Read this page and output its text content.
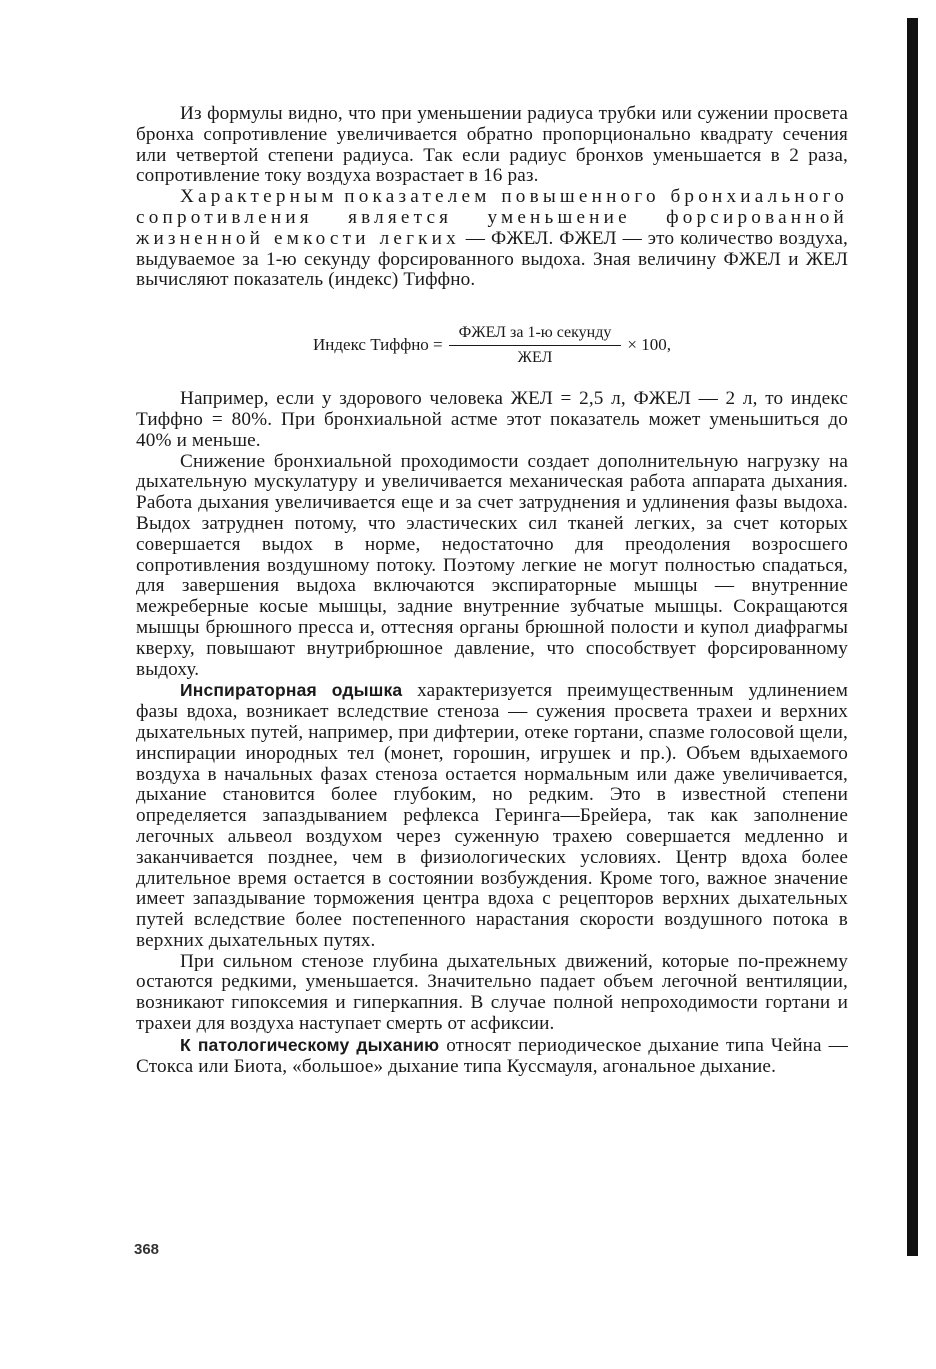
Из формулы видно, что при уменьшении радиуса трубки или сужении просвета бронха сопротивление увеличивается обратно пропорционально квадрату сечения или четвертой степени радиуса. Так если радиус бронхов уменьшается в 2 раза, сопротивление току воздуха возрастает в 16 раз.

Характерным показателем повышенного бронхиального сопротивления является уменьшение форсированной жизненной емкости легких — ФЖЕЛ. ФЖЕЛ — это количество воздуха, выдуваемое за 1-ю секунду форсированного выдоха. Зная величину ФЖЕЛ и ЖЕЛ вычисляют показатель (индекс) Тиффно.

Индекс Тиффно = $\frac{\text{ФЖЕЛ за 1-ю секунду}}{\text{ЖЕЛ}} \times 100$,

Например, если у здорового человека ЖЕЛ = 2,5 л, ФЖЕЛ — 2 л, то индекс Тиффно = 80%. При бронхиальной астме этот показатель может уменьшиться до 40% и меньше.

Снижение бронхиальной проходимости создает дополнительную нагрузку на дыхательную мускулатуру и увеличивается механическая работа аппарата дыхания. Работа дыхания увеличивается еще и за счет затруднения и удлинения фазы выдоха. Выдох затруднен потому, что эластических сил тканей легких, за счет которых совершается выдох в норме, недостаточно для преодоления возросшего сопротивления воздушному потоку. Поэтому легкие не могут полностью спадаться, для завершения выдоха включаются экспираторные мышцы — внутренние межреберные косые мышцы, задние внутренние зубчатые мышцы. Сокращаются мышцы брюшного пресса и, оттесняя органы брюшной полости и купол диафрагмы кверху, повышают внутрибрюшное давление, что способствует форсированному выдоху.

Инспираторная одышка характеризуется преимущественным удлинением фазы вдоха, возникает вследствие стеноза — сужения просвета трахеи и верхних дыхательных путей, например, при дифтерии, отеке гортани, спазме голосовой щели, инспирации инородных тел (монет, горошин, игрушек и пр.). Объем вдыхаемого воздуха в начальных фазах стеноза остается нормальным или даже увеличивается, дыхание становится более глубоким, но редким. Это в известной степени определяется запаздыванием рефлекса Геринга—Брейера, так как заполнение легочных альвеол воздухом через суженную трахею совершается медленно и заканчивается позднее, чем в физиологических условиях. Центр вдоха более длительное время остается в состоянии возбуждения. Кроме того, важное значение имеет запаздывание торможения центра вдоха с рецепторов верхних дыхательных путей вследствие более постепенного нарастания скорости воздушного потока в верхних дыхательных путях.

При сильном стенозе глубина дыхательных движений, которые по-прежнему остаются редкими, уменьшается. Значительно падает объем легочной вентиляции, возникают гипоксемия и гиперкапния. В случае полной непроходимости гортани и трахеи для воздуха наступает смерть от асфиксии.

К патологическому дыханию относят периодическое дыхание типа Чейна — Стокса или Биота, «большое» дыхание типа Куссмауля, агональное дыхание.

368
